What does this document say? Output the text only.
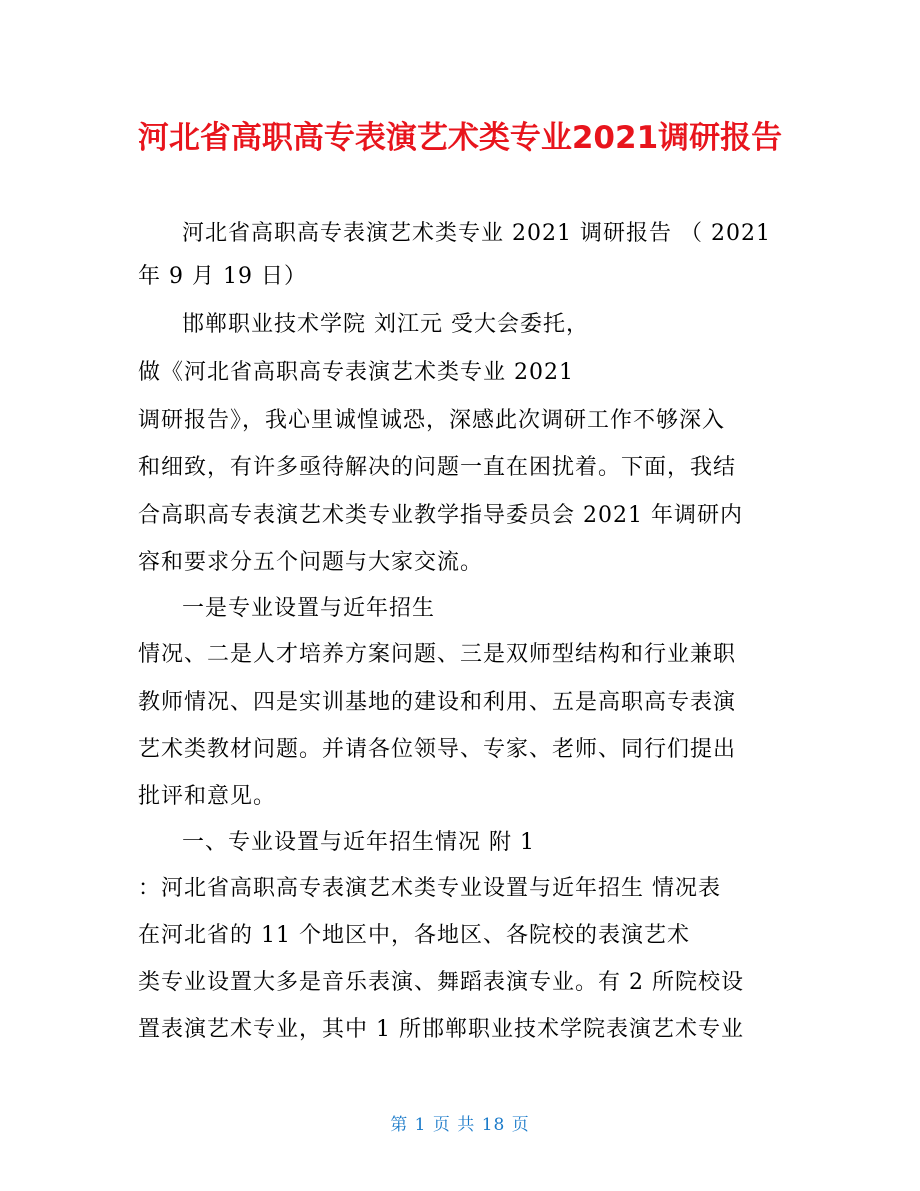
河北省高职高专表演艺术类专业2021调研报告
河北省高职高专表演艺术类专业 2021 调研报告 （ 2021
年 9 月 19 日）
邯郸职业技术学院 刘江元 受大会委托，
做《河北省高职高专表演艺术类专业 2021
调研报告》，我心里诚惶诚恐，深感此次调研工作不够深入
和细致，有许多亟待解决的问题一直在困扰着。下面，我结
合高职高专表演艺术类专业教学指导委员会 2021 年调研内
容和要求分五个问题与大家交流。
一是专业设置与近年招生
情况、二是人才培养方案问题、三是双师型结构和行业兼职
教师情况、四是实训基地的建设和利用、五是高职高专表演
艺术类教材问题。并请各位领导、专家、老师、同行们提出
批评和意见。
一、专业设置与近年招生情况 附 1
：河北省高职高专表演艺术类专业设置与近年招生 情况表
在河北省的 11 个地区中，各地区、各院校的表演艺术
类专业设置大多是音乐表演、舞蹈表演专业。有 2 所院校设
置表演艺术专业，其中 1 所邯郸职业技术学院表演艺术专业
第 1 页 共 18 页
